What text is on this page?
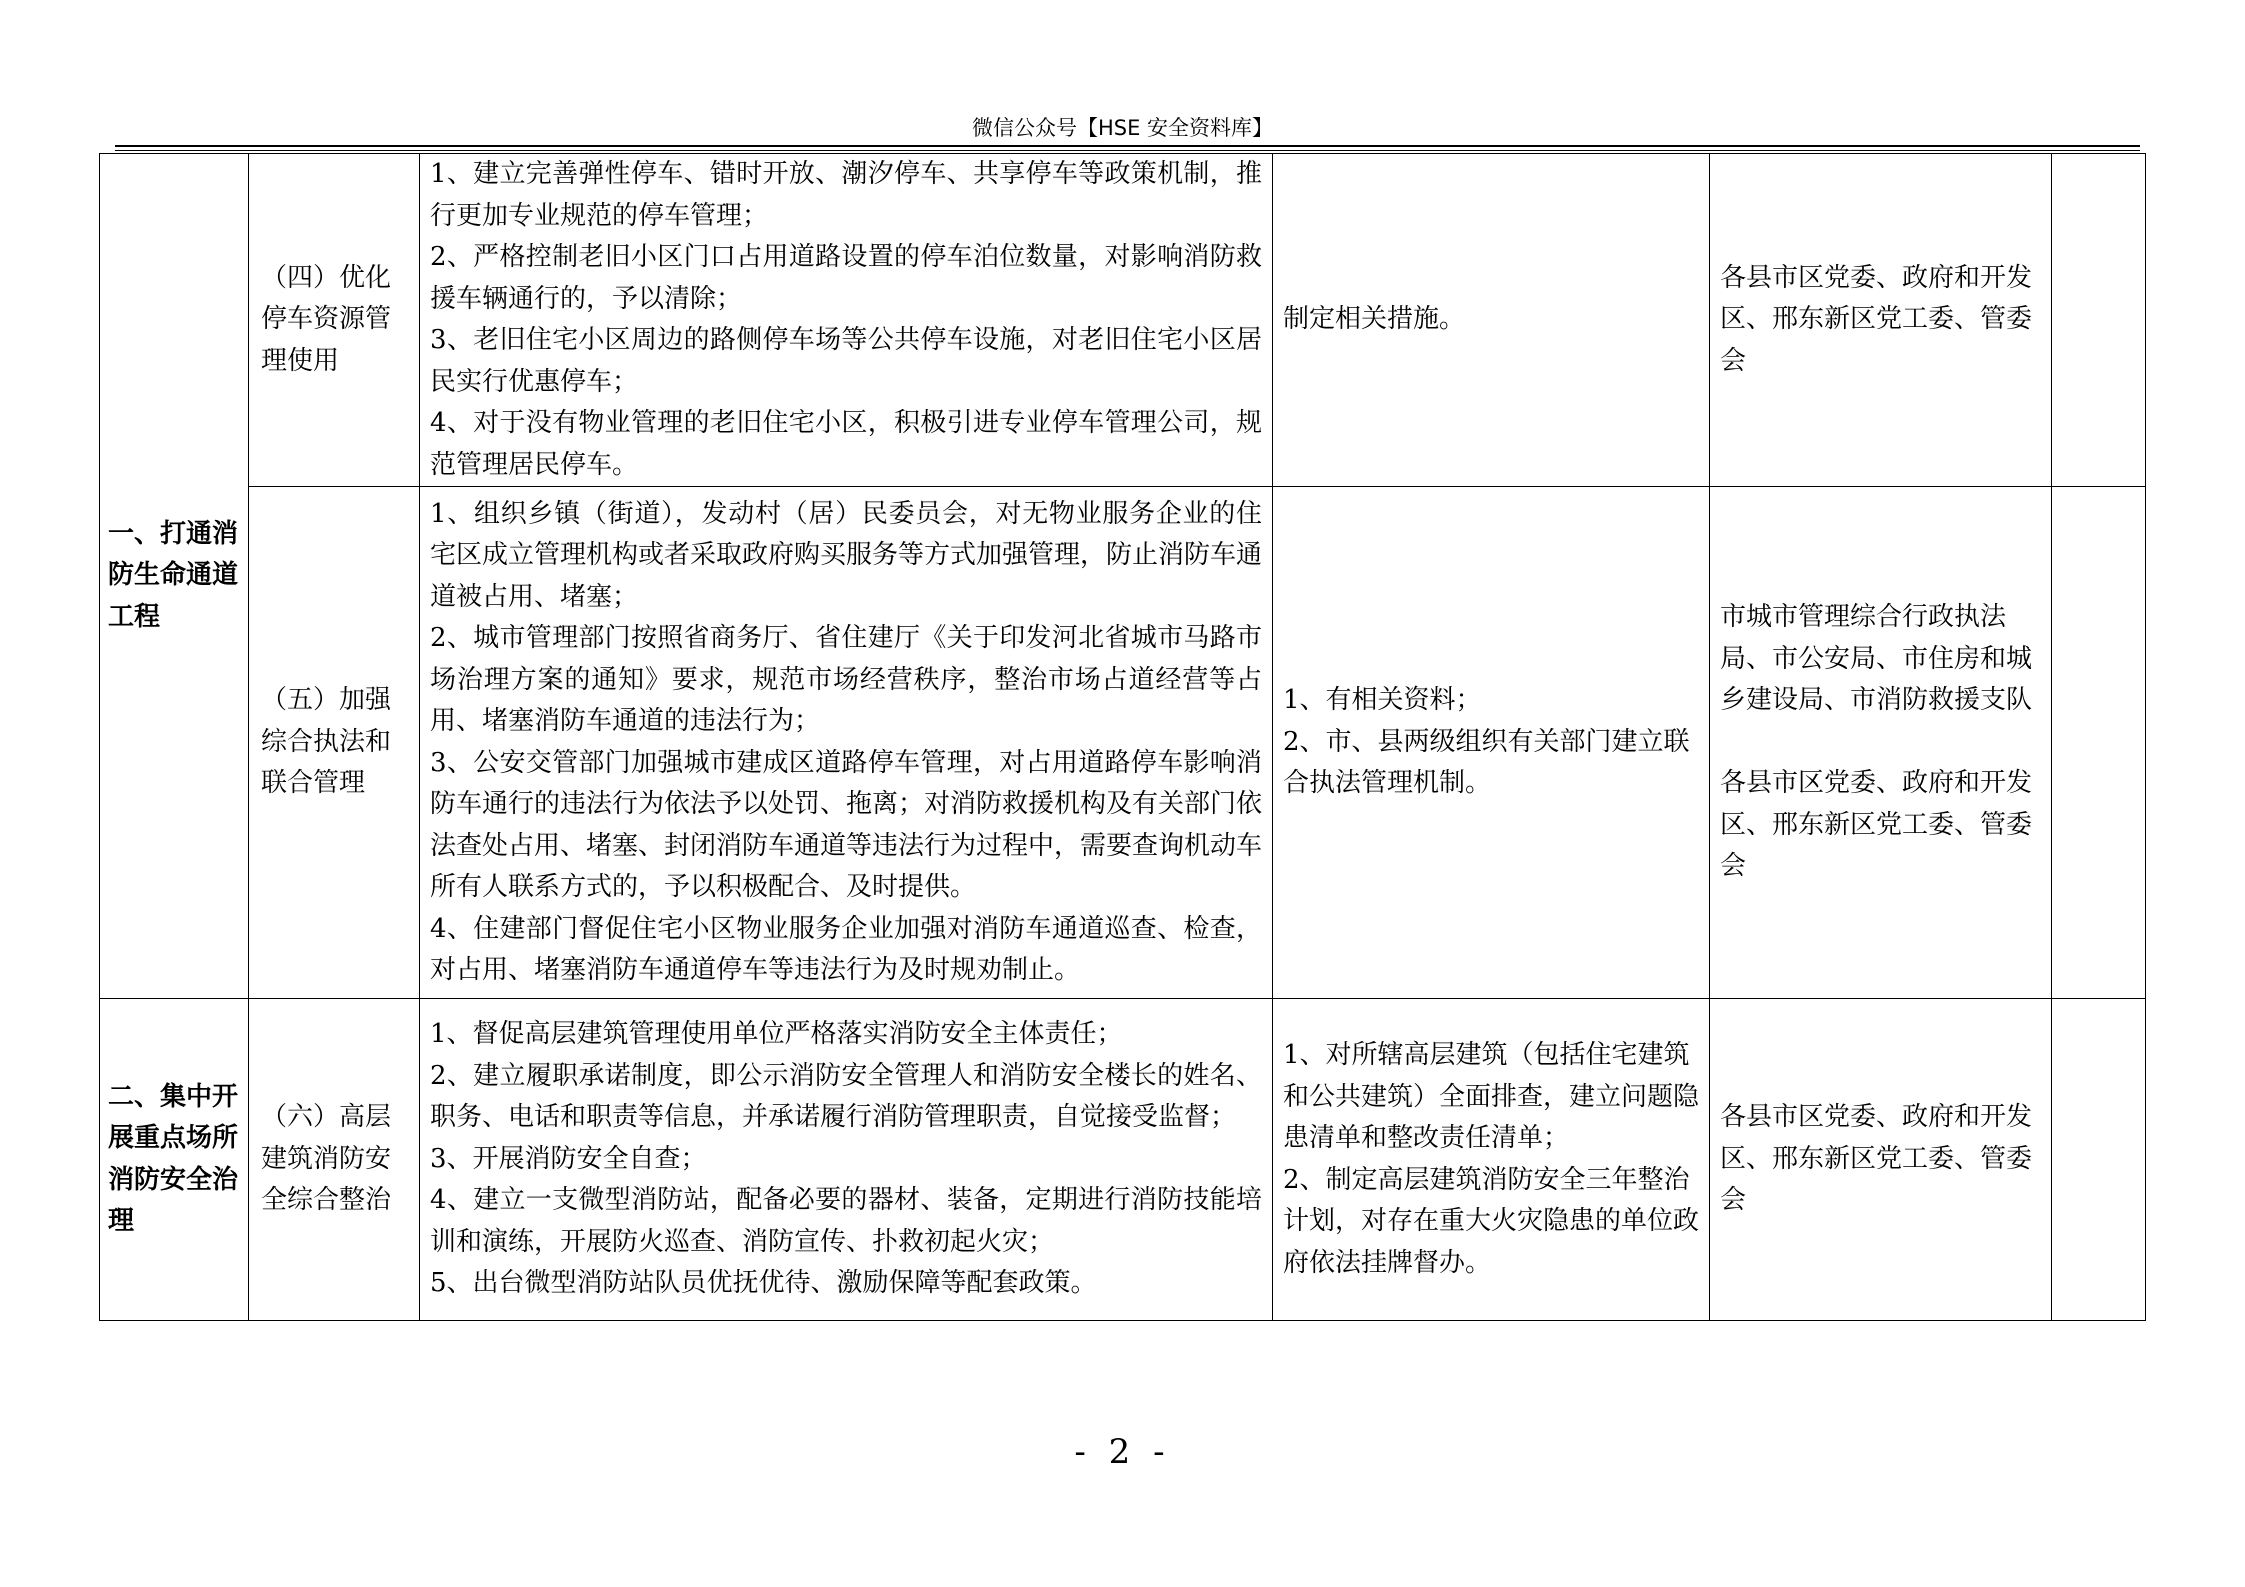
微信公众号【HSE 安全资料库】
一、打通消防生命通道工程	（四）优化停车资源管理使用	1、建立完善弹性停车、错时开放、潮汐停车、共享停车等政策机制，推行更加专业规范的停车管理；
2、严格控制老旧小区门口占用道路设置的停车泊位数量，对影响消防救援车辆通行的，予以清除；
3、老旧住宅小区周边的路侧停车场等公共停车设施，对老旧住宅小区居民实行优惠停车；
4、对于没有物业管理的老旧住宅小区，积极引进专业停车管理公司，规范管理居民停车。	制定相关措施。	各县市区党委、政府和开发区、邢东新区党工委、管委会	
	（五）加强综合执法和联合管理	1、组织乡镇（街道），发动村（居）民委员会，对无物业服务企业的住宅区成立管理机构或者采取政府购买服务等方式加强管理，防止消防车通道被占用、堵塞；
2、城市管理部门按照省商务厅、省住建厅《关于印发河北省城市马路市场治理方案的通知》要求，规范市场经营秩序，整治市场占道经营等占用、堵塞消防车通道的违法行为；
3、公安交管部门加强城市建成区道路停车管理，对占用道路停车影响消防车通行的违法行为依法予以处罚、拖离；对消防救援机构及有关部门依法查处占用、堵塞、封闭消防车通道等违法行为过程中，需要查询机动车所有人联系方式的，予以积极配合、及时提供。
4、住建部门督促住宅小区物业服务企业加强对消防车通道巡查、检查，对占用、堵塞消防车通道停车等违法行为及时规劝制止。	1、有相关资料；
2、市、县两级组织有关部门建立联合执法管理机制。	市城市管理综合行政执法局、市公安局、市住房和城乡建设局、市消防救援支队

各县市区党委、政府和开发区、邢东新区党工委、管委会	
二、集中开展重点场所消防安全治理	（六）高层建筑消防安全综合整治	1、督促高层建筑管理使用单位严格落实消防安全主体责任；
2、建立履职承诺制度，即公示消防安全管理人和消防安全楼长的姓名、职务、电话和职责等信息，并承诺履行消防管理职责，自觉接受监督；
3、开展消防安全自查；
4、建立一支微型消防站，配备必要的器材、装备，定期进行消防技能培训和演练，开展防火巡查、消防宣传、扑救初起火灾；
5、出台微型消防站队员优抚优待、激励保障等配套政策。	1、对所辖高层建筑（包括住宅建筑和公共建筑）全面排查，建立问题隐患清单和整改责任清单；
2、制定高层建筑消防安全三年整治计划，对存在重大火灾隐患的单位政府依法挂牌督办。	各县市区党委、政府和开发区、邢东新区党工委、管委会	
- 2 -
